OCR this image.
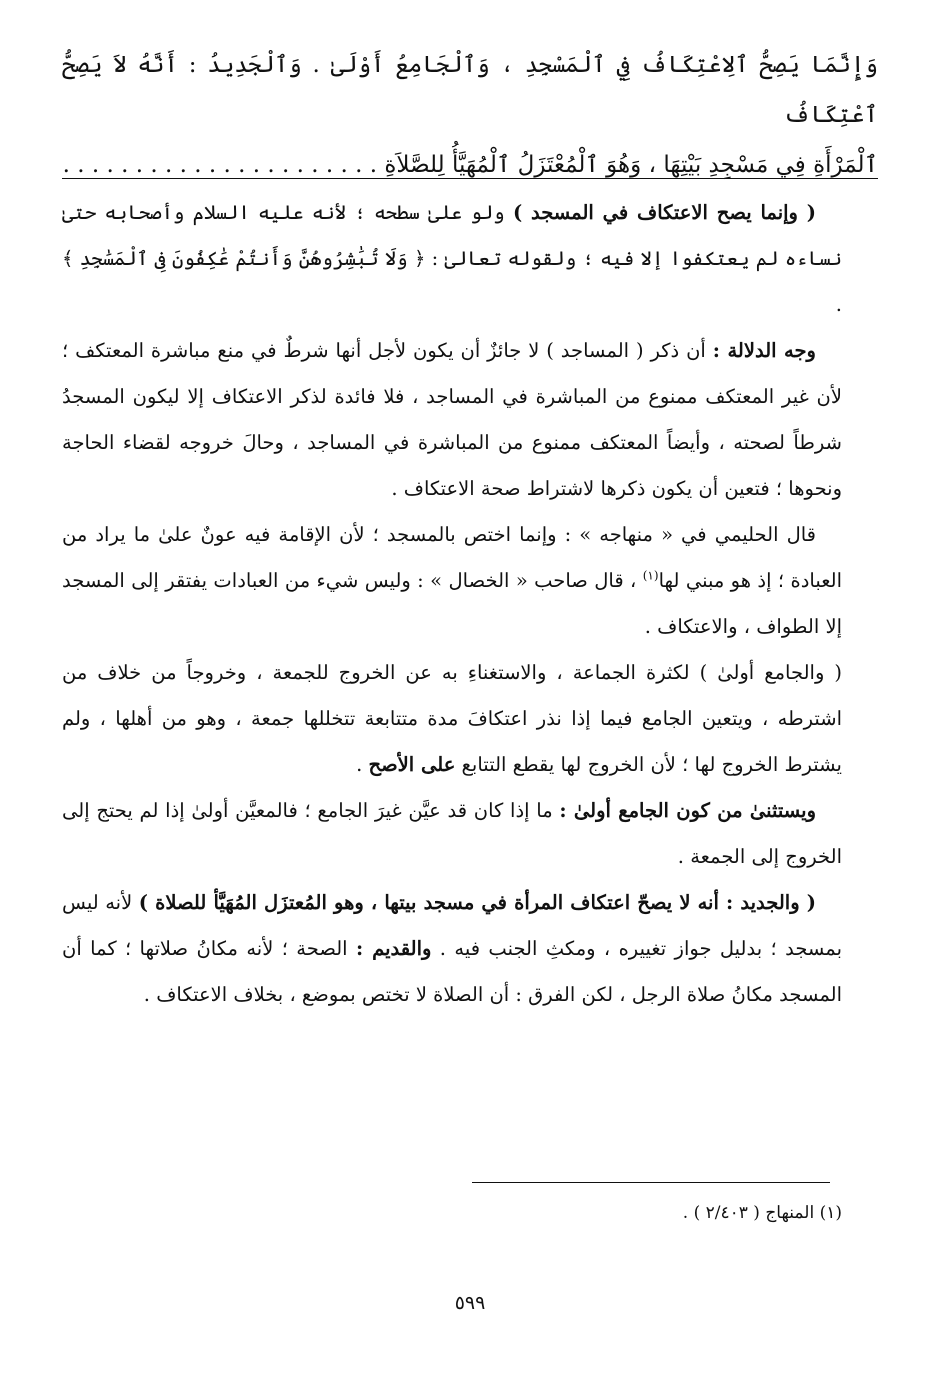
وَإِنَّمَا يَصِحُّ ٱلِاعْتِكَافُ فِي ٱلْمَسْجِدِ ، وَٱلْجَامِعُ أَوْلَىٰ . وَٱلْجَدِيدُ : أَنَّهُ لاَ يَصِحُّ ٱعْتِكَافُ

ٱلْمَرْأَةِ فِي مَسْجِدِ بَيْتِهَا ، وَهُوَ ٱلْمُعْتَزَلُ ٱلْمُهَيَّأُ لِلصَّلاَةِ . . . . . . . . . . . . . . . . . . . . . .

( وإنما يصح الاعتكاف في المسجد ) ولو علىٰ سطحه ؛ لأنه عليه السلام وأصحابه حتىٰ نساءه لم يعتكفوا إلا فيه ؛ ولقوله تعالىٰ : ﴿ وَلَا تُبَٰشِرُوهُنَّ وَأَنتُمْ عَٰكِفُونَ فِى ٱلْمَسَٰجِدِ ﴾ .

وجه الدلالة : أن ذكر ( المساجد ) لا جائزٌ أن يكون لأجل أنها شرطٌ في منع مباشرة المعتكف ؛ لأن غير المعتكف ممنوع من المباشرة في المساجد ، فلا فائدة لذكر الاعتكاف إلا ليكون المسجدُ شرطاً لصحته ، وأيضاً المعتكف ممنوع من المباشرة في المساجد ، وحالَ خروجه لقضاء الحاجة ونحوها ؛ فتعين أن يكون ذكرها لاشتراط صحة الاعتكاف .

قال الحليمي في « منهاجه » : وإنما اختص بالمسجد ؛ لأن الإقامة فيه عونٌ علىٰ ما يراد من العبادة ؛ إذ هو مبني لها$^{(١)}$ ، قال صاحب « الخصال » : وليس شيء من العبادات يفتقر إلى المسجد إلا الطواف ، والاعتكاف .

( والجامع أولىٰ ) لكثرة الجماعة ، والاستغناءِ به عن الخروج للجمعة ، وخروجاً من خلاف من اشترطه ، ويتعين الجامع فيما إذا نذر اعتكافَ مدة متتابعة تتخللها جمعة ، وهو من أهلها ، ولم يشترط الخروج لها ؛ لأن الخروج لها يقطع التتابع على الأصح .

ويستثنىٰ من كون الجامع أولىٰ : ما إذا كان قد عيَّن غيرَ الجامع ؛ فالمعيَّن أولىٰ إذا لم يحتج إلى الخروج إلى الجمعة .

( والجديد : أنه لا يصحّ اعتكاف المرأة في مسجد بيتها ، وهو المُعتزَل المُهَيَّأ للصلاة ) لأنه ليس بمسجد ؛ بدليل جواز تغييره ، ومكثِ الجنب فيه . والقديم : الصحة ؛ لأنه مكانُ صلاتها ؛ كما أن المسجد مكانُ صلاة الرجل ، لكن الفرق : أن الصلاة لا تختص بموضع ، بخلاف الاعتكاف .

(١) المنهاج ( ٢/٤٠٣ ) .
٥٩٩
